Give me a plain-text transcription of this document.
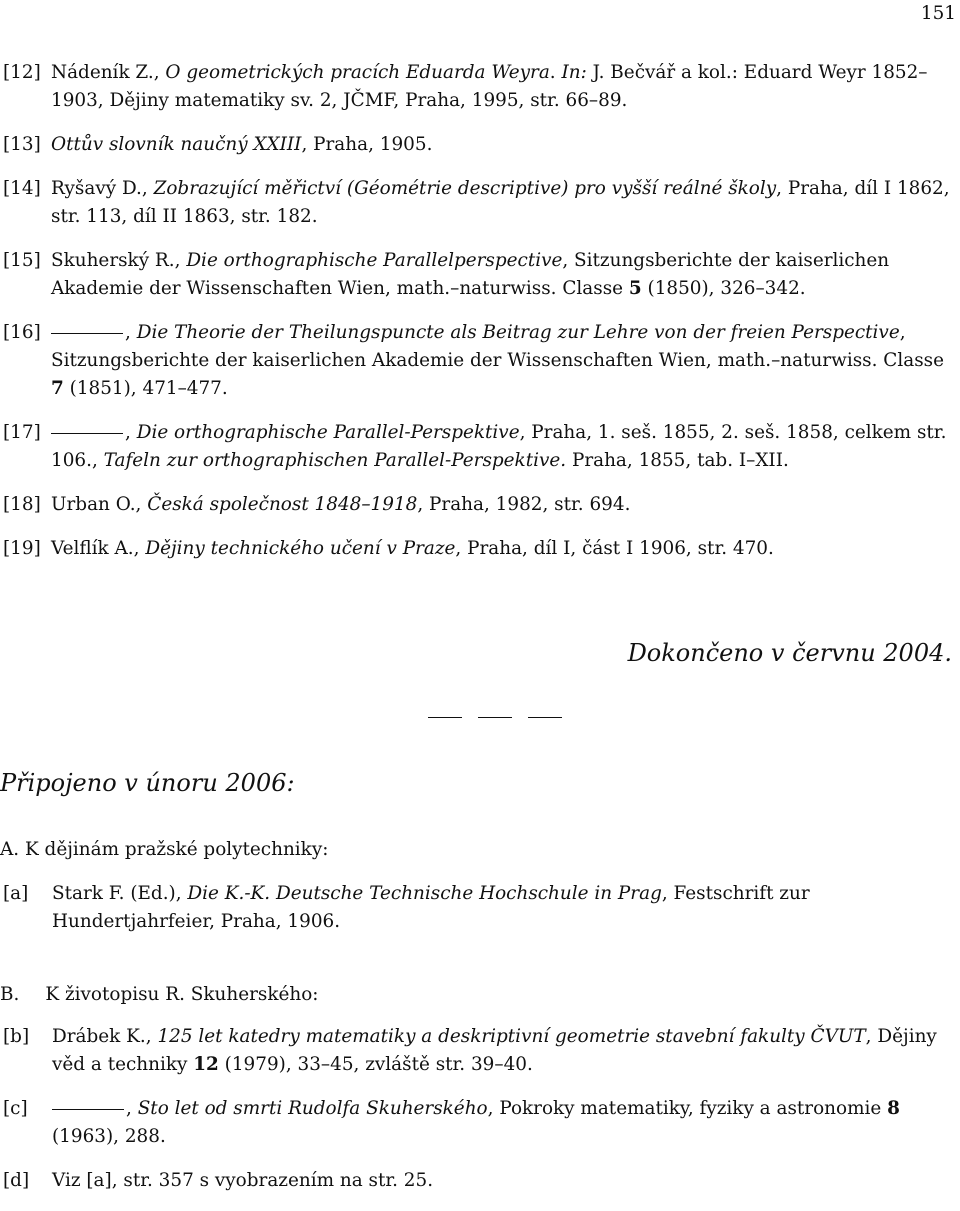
151
[12] Nádeník Z., O geometrických pracích Eduarda Weyra. In: J. Bečvář a kol.: Eduard Weyr 1852–1903, Dějiny matematiky sv. 2, JČMF, Praha, 1995, str. 66–89.
[13] Ottův slovník naučný XXIII, Praha, 1905.
[14] Ryšavý D., Zobrazující měřictví (Géométrie descriptive) pro vyšší reálné školy, Praha, díl I 1862, str. 113, díl II 1863, str. 182.
[15] Skuherský R., Die orthographische Parallelperspective, Sitzungsberichte der kaiserlichen Akademie der Wissenschaften Wien, math.–naturwiss. Classe 5 (1850), 326–342.
[16]	, Die Theorie der Theilungspuncte als Beitrag zur Lehre von der freien Perspective, Sitzungsberichte der kaiserlichen Akademie der Wissenschaften Wien, math.–naturwiss. Classe 7 (1851), 471–477.
[17]	, Die orthographische Parallel-Perspektive, Praha, 1. seš. 1855, 2. seš. 1858, celkem str. 106., Tafeln zur orthographischen Parallel-Perspektive. Praha, 1855, tab. I–XII.
[18] Urban O., Česká společnost 1848–1918, Praha, 1982, str. 694.
[19] Velflík A., Dějiny technického učení v Praze, Praha, díl I, část I 1906, str. 470.
Dokončeno v červnu 2004.
Připojeno v únoru 2006:
A. K dějinám pražské polytechniky:
[a] Stark F. (Ed.), Die K.-K. Deutsche Technische Hochschule in Prag, Festschrift zur Hundertjahrfeier, Praha, 1906.
B. K životopisu R. Skuherského:
[b] Drábek K., 125 let katedry matematiky a deskriptivní geometrie stavební fakulty ČVUT, Dějiny věd a techniky 12 (1979), 33–45, zvláště str. 39–40.
[c]	, Sto let od smrti Rudolfa Skuherského, Pokroky matematiky, fyziky a astronomie 8 (1963), 288.
[d] Viz [a], str. 357 s vyobrazením na str. 25.
